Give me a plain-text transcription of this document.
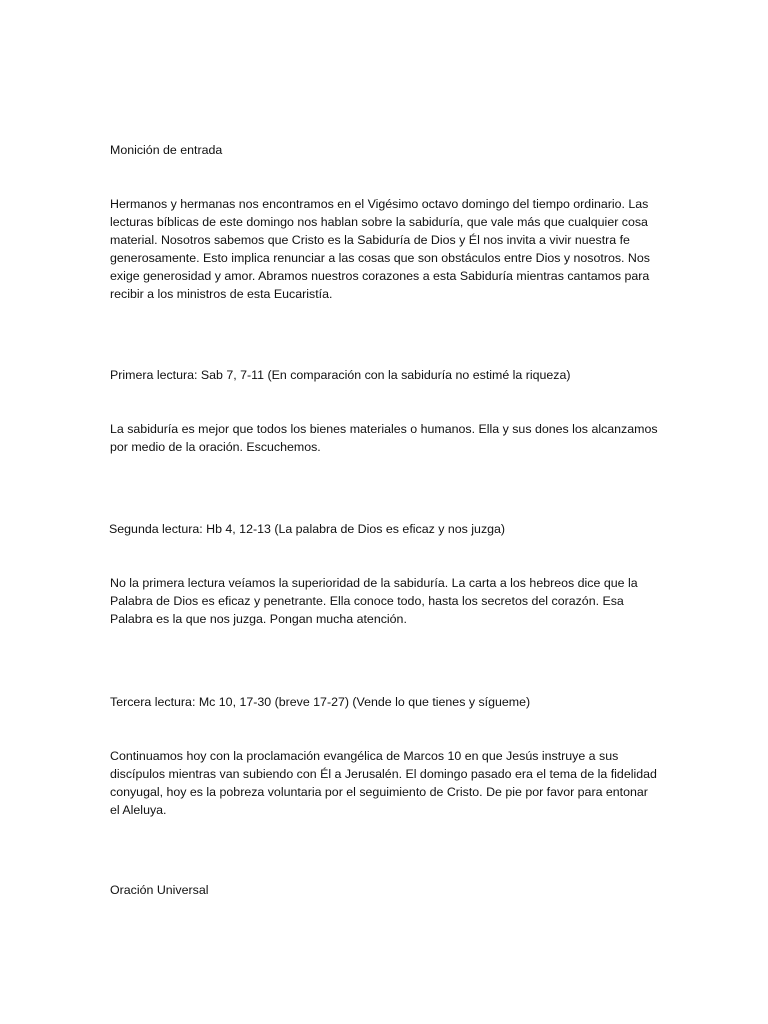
Monición de entrada

Hermanos y hermanas nos encontramos en el Vigésimo octavo domingo del tiempo ordinario. Las lecturas bíblicas de este domingo nos hablan sobre la sabiduría, que vale más que cualquier cosa material. Nosotros sabemos que Cristo es la Sabiduría de Dios y Él nos invita a vivir nuestra fe generosamente. Esto implica renunciar a las cosas que son obstáculos entre Dios y nosotros. Nos exige generosidad y amor. Abramos nuestros corazones a esta Sabiduría mientras cantamos para recibir a los ministros de esta Eucaristía.

Primera lectura: Sab 7, 7-11 (En comparación con la sabiduría no estimé la riqueza)

La sabiduría es mejor que todos los bienes materiales o humanos. Ella y sus dones los alcanzamos por medio de la oración. Escuchemos.

Segunda lectura: Hb 4, 12-13 (La palabra de Dios es eficaz y nos juzga)

No la primera lectura veíamos la superioridad de la sabiduría. La carta a los hebreos dice que la Palabra de Dios es eficaz y penetrante. Ella conoce todo, hasta los secretos del corazón. Esa Palabra es la que nos juzga. Pongan mucha atención.

Tercera lectura: Mc 10, 17-30 (breve 17-27) (Vende lo que tienes y sígueme)

Continuamos hoy con la proclamación evangélica de Marcos 10 en que Jesús instruye a sus discípulos mientras van subiendo con Él a Jerusalén. El domingo pasado era el tema de la fidelidad conyugal, hoy es la pobreza voluntaria por el seguimiento de Cristo. De pie por favor para entonar el Aleluya.

Oración Universal
